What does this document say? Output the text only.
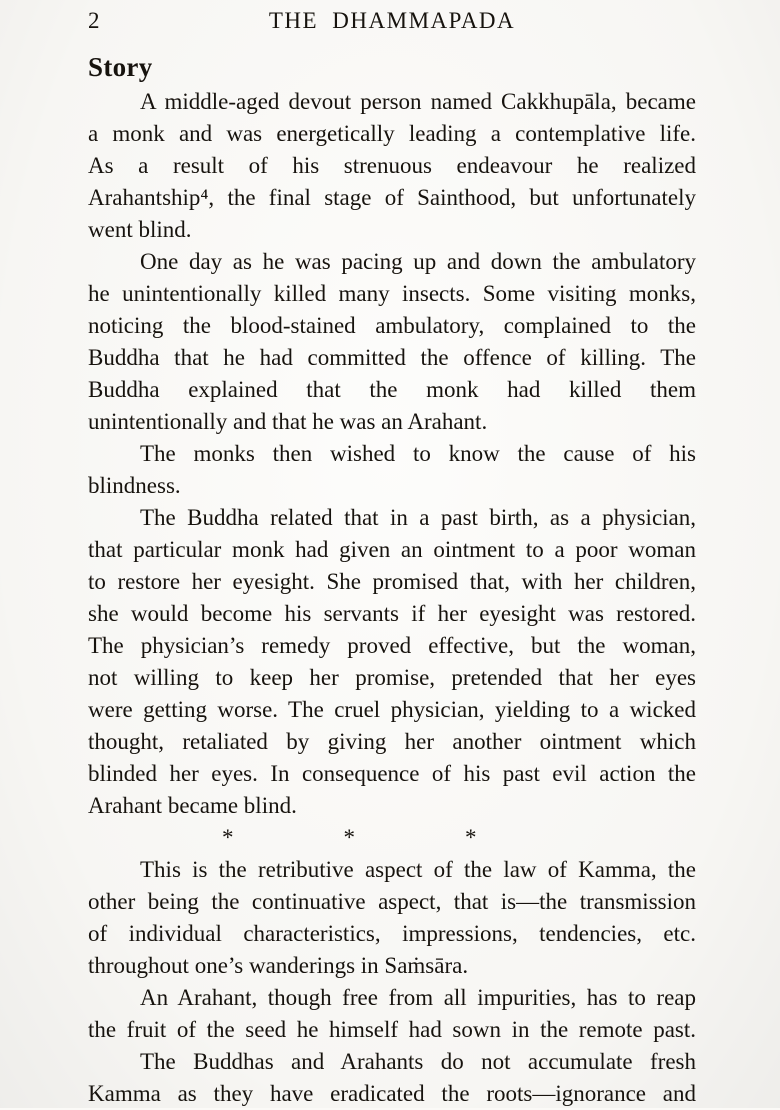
2	THE DHAMMAPADA
Story
A middle-aged devout person named Cakkhupāla, became
a monk and was energetically leading a contemplative life.
As a result of his strenuous endeavour he realized
Arahantship⁴, the final stage of Sainthood, but unfortunately
went blind.
One day as he was pacing up and down the ambulatory
he unintentionally killed many insects. Some visiting monks,
noticing the blood-stained ambulatory, complained to the
Buddha that he had committed the offence of killing. The
Buddha explained that the monk had killed them
unintentionally and that he was an Arahant.
The monks then wished to know the cause of his
blindness.
The Buddha related that in a past birth, as a physician,
that particular monk had given an ointment to a poor woman
to restore her eyesight. She promised that, with her children,
she would become his servants if her eyesight was restored.
The physician’s remedy proved effective, but the woman,
not willing to keep her promise, pretended that her eyes
were getting worse. The cruel physician, yielding to a wicked
thought, retaliated by giving her another ointment which
blinded her eyes. In consequence of his past evil action the
Arahant became blind.
*	*	*
This is the retributive aspect of the law of Kamma, the
other being the continuative aspect, that is—the transmission
of individual characteristics, impressions, tendencies, etc.
throughout one’s wanderings in Saṁsāra.
An Arahant, though free from all impurities, has to reap
the fruit of the seed he himself had sown in the remote past.
The Buddhas and Arahants do not accumulate fresh
Kamma as they have eradicated the roots—ignorance and
